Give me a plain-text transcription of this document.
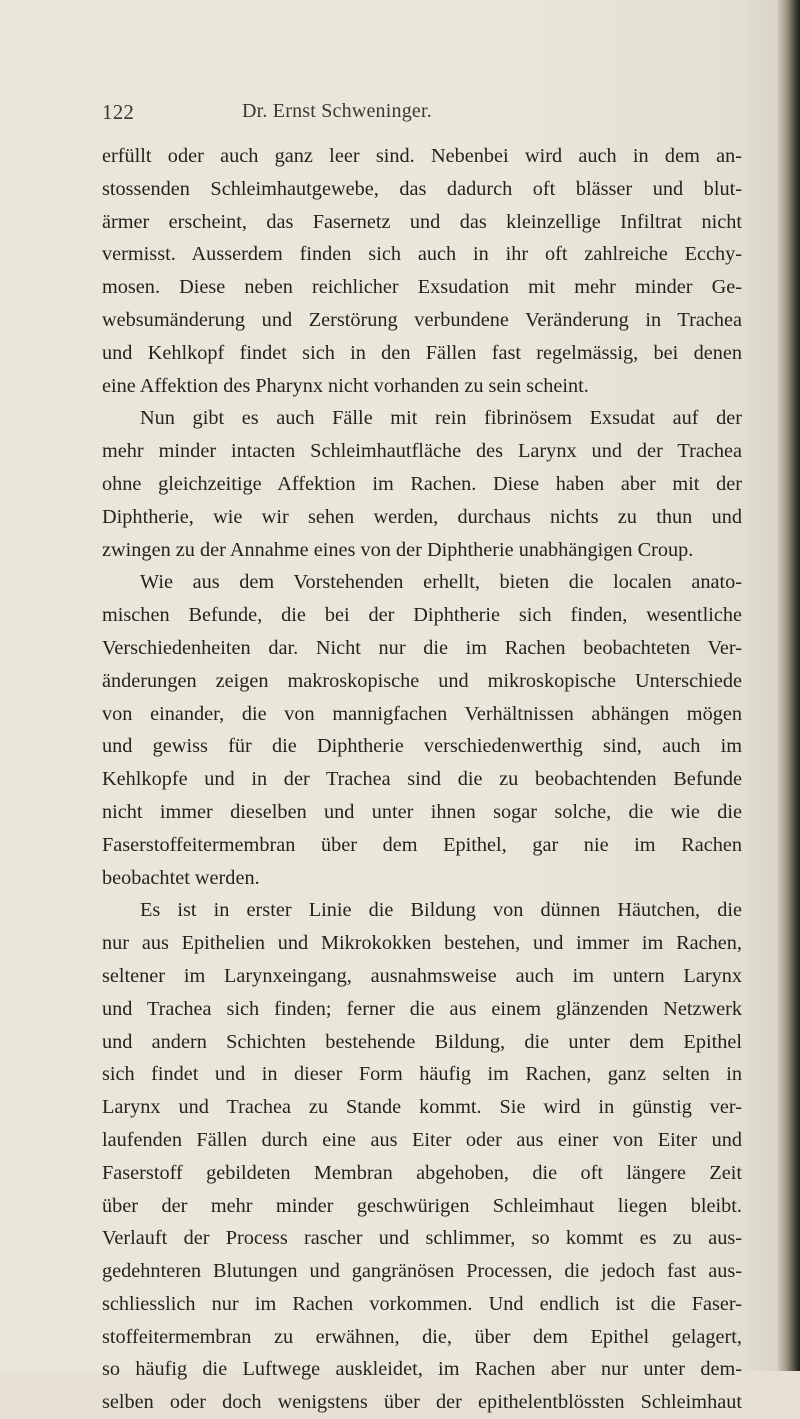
122	Dr. Ernst Schweninger.
erfüllt oder auch ganz leer sind. Nebenbei wird auch in dem an-
stossenden Schleimhautgewebe, das dadurch oft blässer und blut-
ärmer erscheint, das Fasernetz und das kleinzellige Infiltrat nicht
vermisst. Ausserdem finden sich auch in ihr oft zahlreiche Ecchy-
mosen. Diese neben reichlicher Exsudation mit mehr minder Ge-
websumänderung und Zerstörung verbundene Veränderung in Trachea
und Kehlkopf findet sich in den Fällen fast regelmässig, bei denen
eine Affektion des Pharynx nicht vorhanden zu sein scheint.
Nun gibt es auch Fälle mit rein fibrinösem Exsudat auf der
mehr minder intacten Schleimhautfläche des Larynx und der Trachea
ohne gleichzeitige Affektion im Rachen. Diese haben aber mit der
Diphtherie, wie wir sehen werden, durchaus nichts zu thun und
zwingen zu der Annahme eines von der Diphtherie unabhängigen Croup.
Wie aus dem Vorstehenden erhellt, bieten die localen anato-
mischen Befunde, die bei der Diphtherie sich finden, wesentliche
Verschiedenheiten dar. Nicht nur die im Rachen beobachteten Ver-
änderungen zeigen makroskopische und mikroskopische Unterschiede
von einander, die von mannigfachen Verhältnissen abhängen mögen
und gewiss für die Diphtherie verschiedenwerthig sind, auch im
Kehlkopfe und in der Trachea sind die zu beobachtenden Befunde
nicht immer dieselben und unter ihnen sogar solche, die wie die
Faserstoffeitermembran über dem Epithel, gar nie im Rachen
beobachtet werden.
Es ist in erster Linie die Bildung von dünnen Häutchen, die
nur aus Epithelien und Mikrokokken bestehen, und immer im Rachen,
seltener im Larynxeingang, ausnahmsweise auch im untern Larynx
und Trachea sich finden; ferner die aus einem glänzenden Netzwerk
und andern Schichten bestehende Bildung, die unter dem Epithel
sich findet und in dieser Form häufig im Rachen, ganz selten in
Larynx und Trachea zu Stande kommt. Sie wird in günstig ver-
laufenden Fällen durch eine aus Eiter oder aus einer von Eiter und
Faserstoff gebildeten Membran abgehoben, die oft längere Zeit
über der mehr minder geschwürigen Schleimhaut liegen bleibt.
Verlauft der Process rascher und schlimmer, so kommt es zu aus-
gedehnteren Blutungen und gangränösen Processen, die jedoch fast aus-
schliesslich nur im Rachen vorkommen. Und endlich ist die Faser-
stoffeitermembran zu erwähnen, die, über dem Epithel gelagert,
so häufig die Luftwege auskleidet, im Rachen aber nur unter dem-
selben oder doch wenigstens über der epithelentblössten Schleimhaut
